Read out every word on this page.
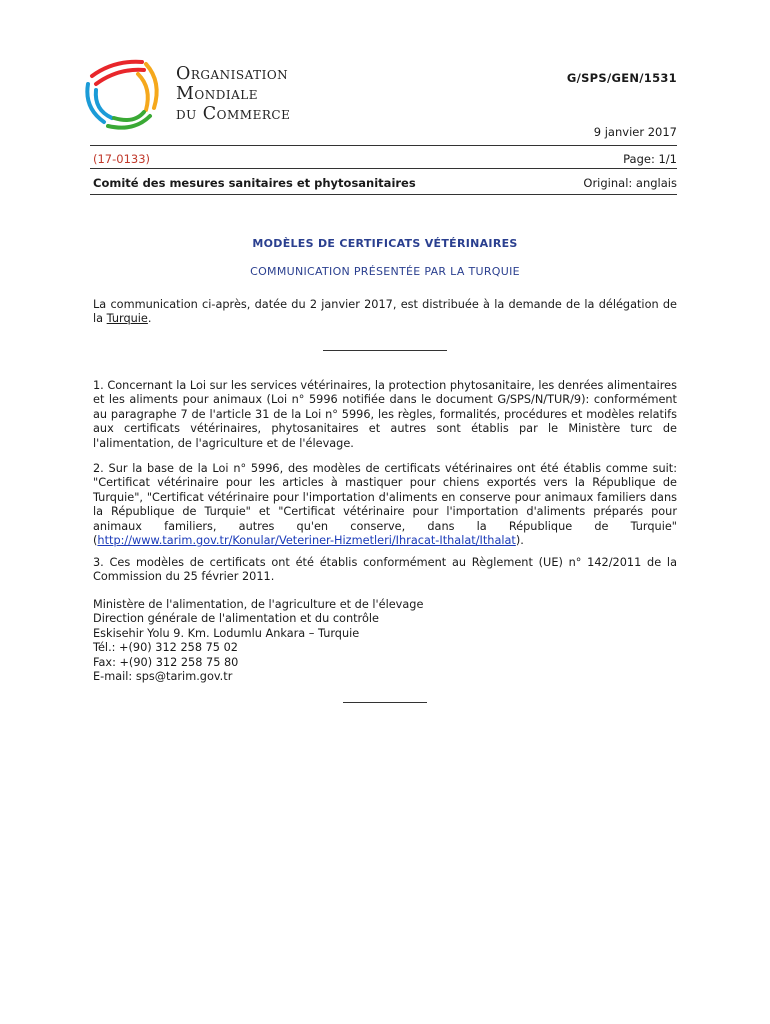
Organisation
Mondiale
du Commerce
G/SPS/GEN/1531
9 janvier 2017
(17-0133)	Page: 1/1
Comité des mesures sanitaires et phytosanitaires	Original: anglais
MODÈLES DE CERTIFICATS VÉTÉRINAIRES
COMMUNICATION PRÉSENTÉE PAR LA TURQUIE
La communication ci-après, datée du 2 janvier 2017, est distribuée à la demande de la délégation de la Turquie.
1. Concernant la Loi sur les services vétérinaires, la protection phytosanitaire, les denrées alimentaires et les aliments pour animaux (Loi n° 5996 notifiée dans le document G/SPS/N/TUR/9): conformément au paragraphe 7 de l'article 31 de la Loi n° 5996, les règles, formalités, procédures et modèles relatifs aux certificats vétérinaires, phytosanitaires et autres sont établis par le Ministère turc de l'alimentation, de l'agriculture et de l'élevage.
2. Sur la base de la Loi n° 5996, des modèles de certificats vétérinaires ont été établis comme suit: "Certificat vétérinaire pour les articles à mastiquer pour chiens exportés vers la République de Turquie", "Certificat vétérinaire pour l'importation d'aliments en conserve pour animaux familiers dans la République de Turquie" et "Certificat vétérinaire pour l'importation d'aliments préparés pour animaux familiers, autres qu'en conserve, dans la République de Turquie" (http://www.tarim.gov.tr/Konular/Veteriner-Hizmetleri/Ihracat-Ithalat/Ithalat).
3. Ces modèles de certificats ont été établis conformément au Règlement (UE) n° 142/2011 de la Commission du 25 février 2011.
Ministère de l'alimentation, de l'agriculture et de l'élevage
Direction générale de l'alimentation et du contrôle
Eskisehir Yolu 9. Km. Lodumlu Ankara – Turquie
Tél.: +(90) 312 258 75 02
Fax: +(90) 312 258 75 80
E-mail: sps@tarim.gov.tr
